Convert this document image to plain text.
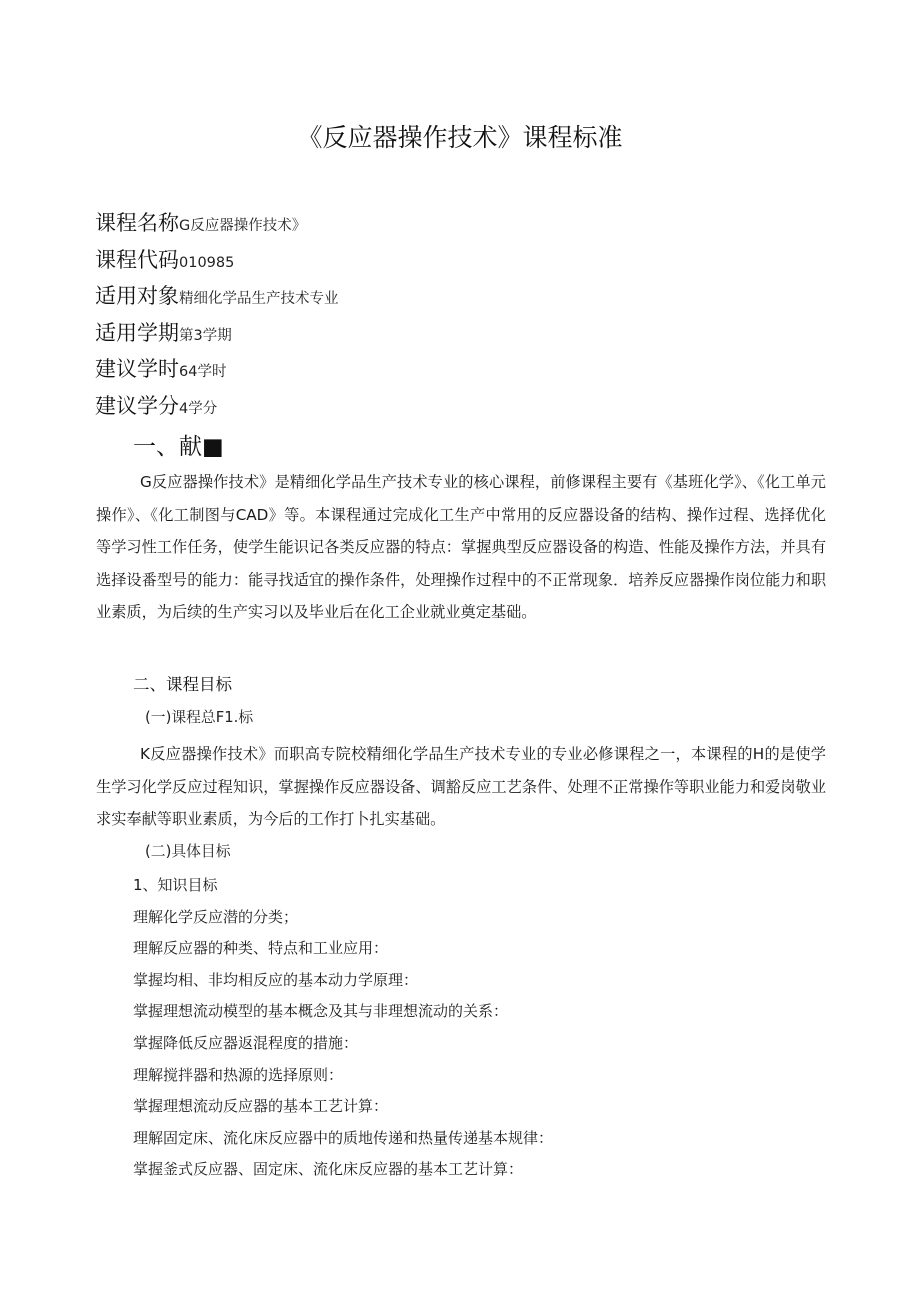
《反应器操作技术》课程标准
课程名称G反应器操作技术》
课程代码010985
适用对象精细化学品生产技术专业
适用学期第3学期
建议学时64学时
建议学分4学分
一、献■
G反应器操作技术》是精细化学品生产技术专业的核心课程，前修课程主要有《基班化学》、《化工单元操作》、《化工制图与CAD》等。本课程通过完成化工生产中常用的反应器设备的结构、操作过程、选择优化等学习性工作任务，使学生能识记各类反应器的特点：掌握典型反应器设备的构造、性能及操作方法，并具有选择设番型号的能力：能寻找适宜的操作条件，处理操作过程中的不正常现象．培养反应器操作岗位能力和职业素质，为后续的生产实习以及毕业后在化工企业就业奠定基础。
二、课程目标
(一)课程总F1.标
K反应器操作技术》而职高专院校精细化学品生产技术专业的专业必修课程之一，本课程的H的是使学生学习化学反应过程知识，掌握操作反应器设备、调豁反应工艺条件、处理不正常操作等职业能力和爱岗敬业求实奉献等职业素质，为今后的工作打卜扎实基础。
(二)具体目标
1、知识目标
理解化学反应潜的分类；
理解反应器的种类、特点和工业应用：
掌握均相、非均相反应的基本动力学原理：
掌握理想流动模型的基本概念及其与非理想流动的关系：
掌握降低反应器返混程度的措施：
理解搅拌器和热源的选择原则：
掌握理想流动反应器的基本工艺计算：
理解固定床、流化床反应器中的质地传递和热量传递基本规律：
掌握釜式反应器、固定床、流化床反应器的基本工艺计算：
